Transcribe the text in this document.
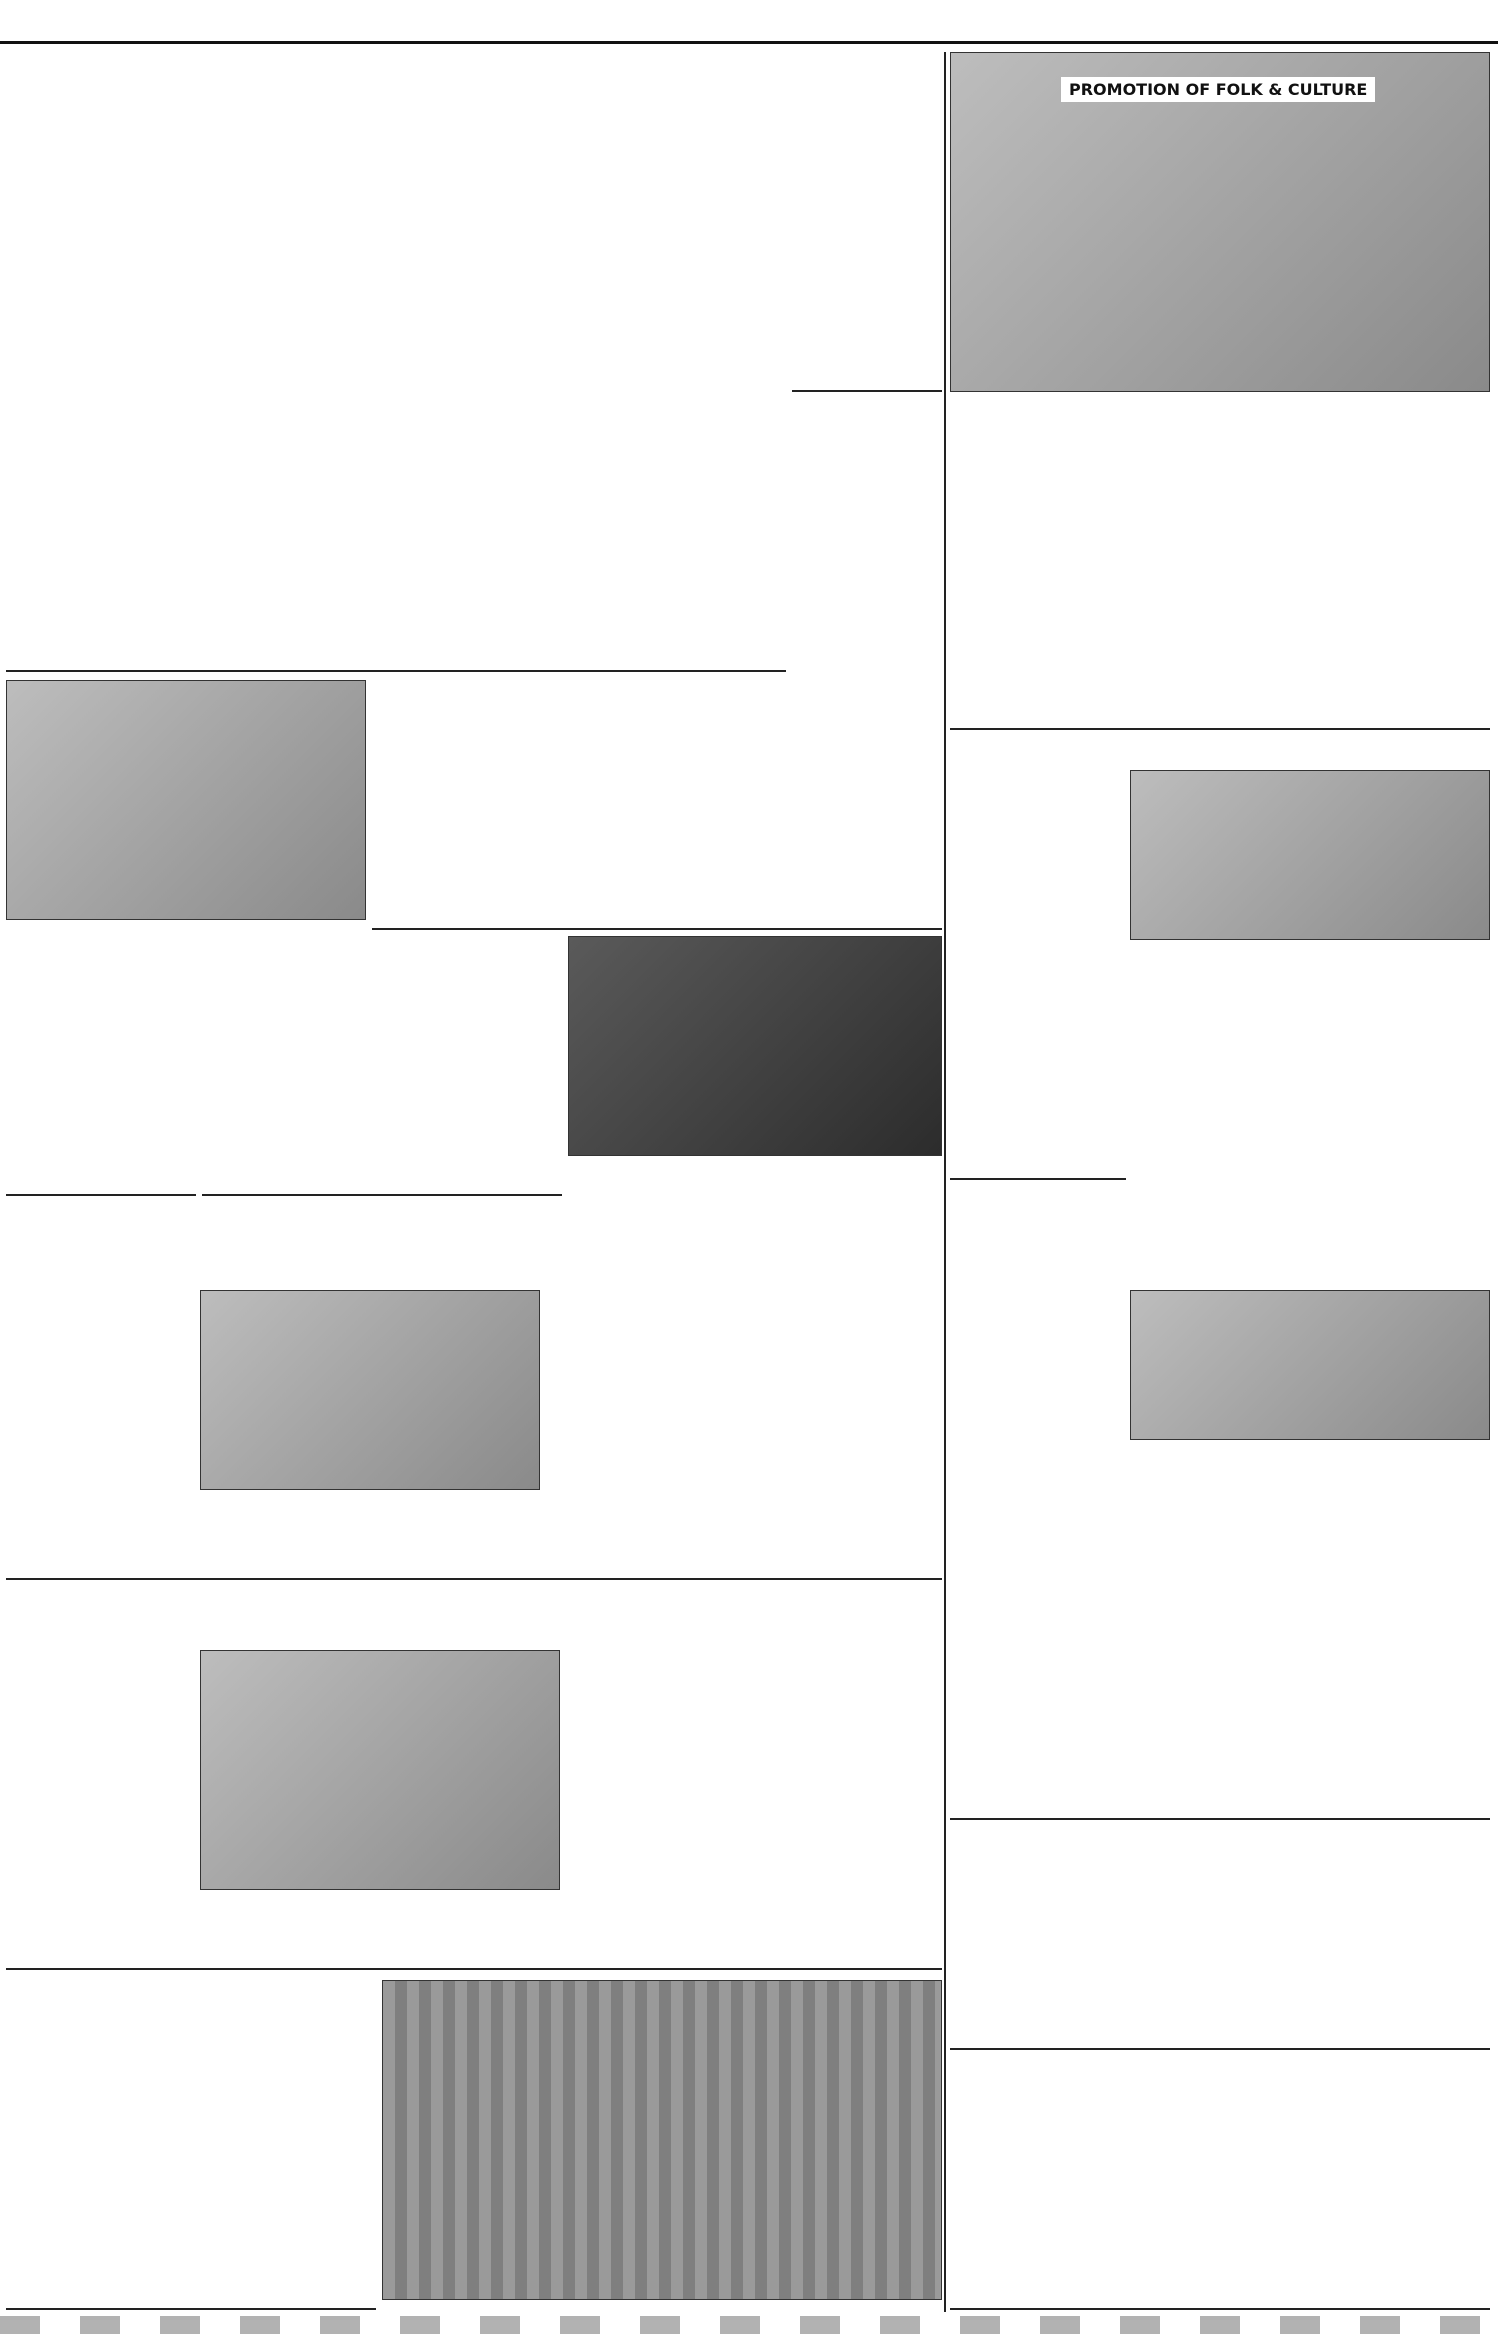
PROMOTION OF FOLK & CULTURE
